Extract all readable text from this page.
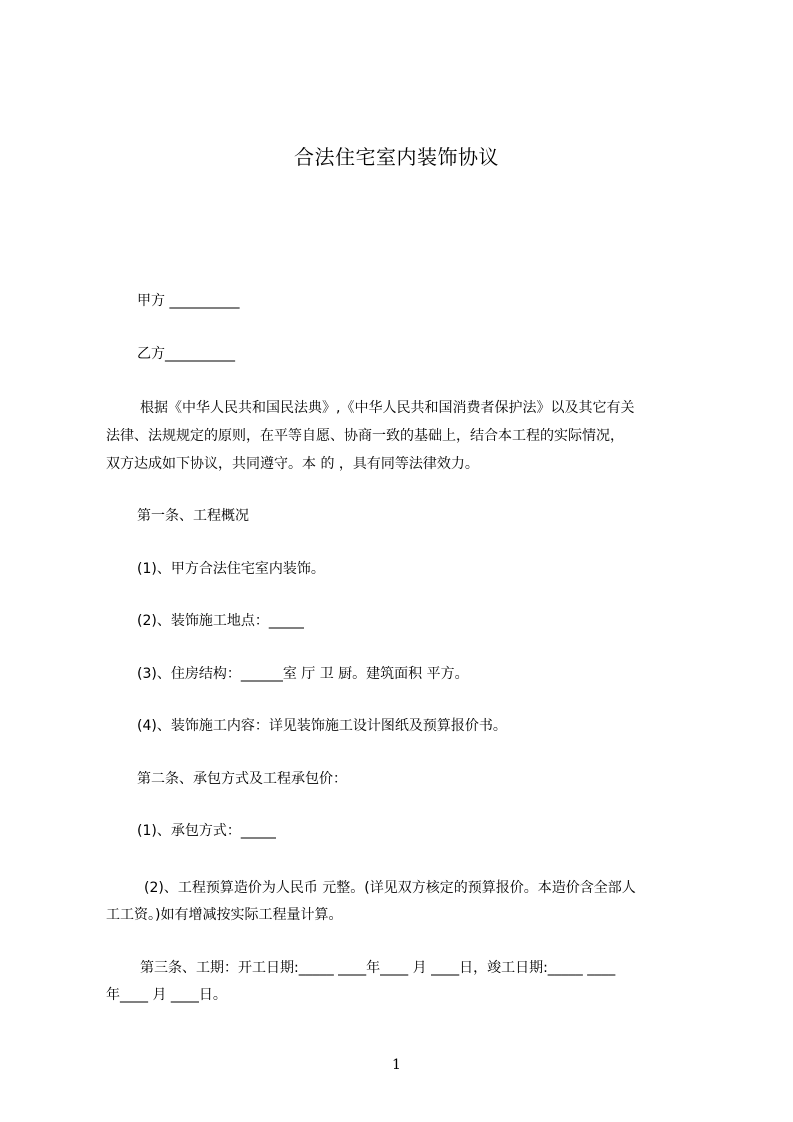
合法住宅室内装饰协议
甲方 __________
乙方__________
根据《中华人民共和国民法典》,《中华人民共和国消费者保护法》以及其它有关
法律、法规规定的原则，在平等自愿、协商一致的基础上，结合本工程的实际情况，
双方达成如下协议，共同遵守。本 的 ，具有同等法律效力。
第一条、工程概况
(1)、甲方合法住宅室内装饰。
(2)、装饰施工地点：_____
(3)、住房结构：______室 厅 卫 厨。建筑面积 平方。
(4)、装饰施工内容：详见装饰施工设计图纸及预算报价书。
第二条、承包方式及工程承包价：
(1)、承包方式：_____
(2)、工程预算造价为人民币 元整。(详见双方核定的预算报价。本造价含全部人
工工资。)如有增减按实际工程量计算。
第三条、工期：开工日期:_____ ____年____ 月 ____日，竣工日期:_____ ____
年____ 月 ____日。
1
